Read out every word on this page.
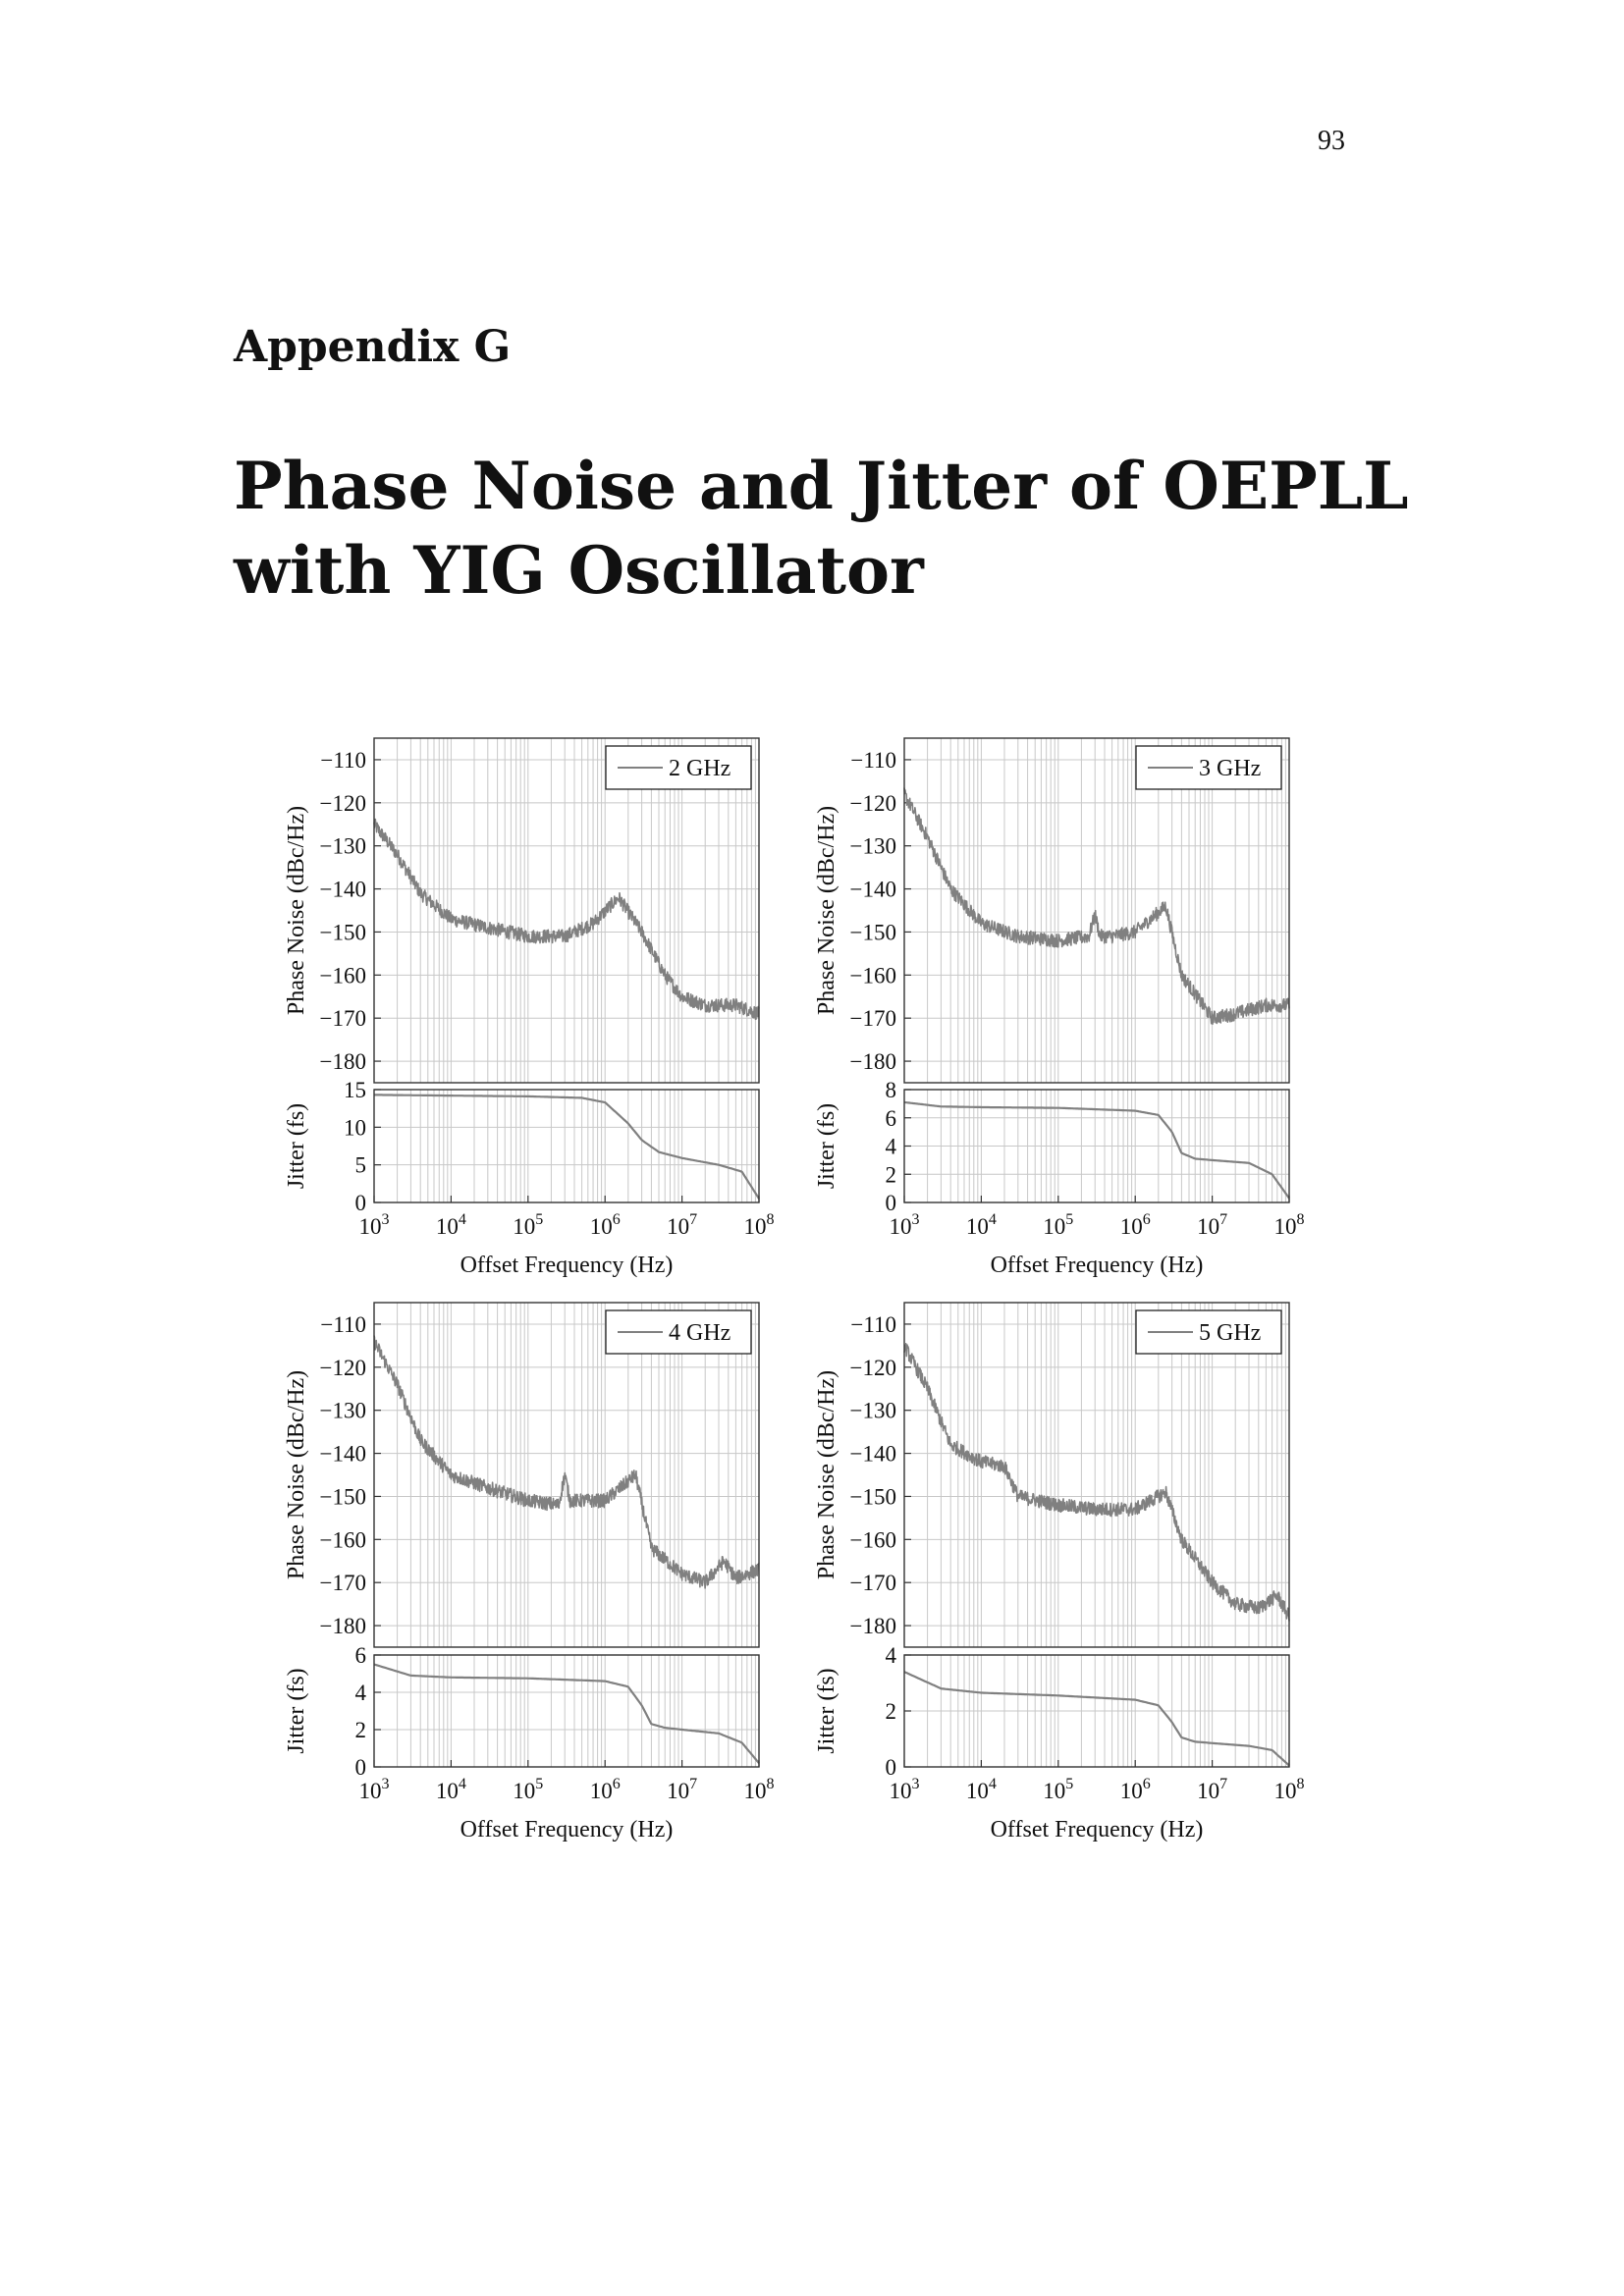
93
Appendix G
Phase Noise and Jitter of OEPLL
with YIG Oscillator
−110
−120
−130
−140
−150
−160
−170
−180
Phase Noise (dBc/Hz)
0
5
10
15
Jitter (fs)
$10^3$ $10^4$ $10^5$ $10^6$ $10^7$ $10^8$
Offset Frequency (Hz)
2 GHz	−110
−120
−130
−140
−150
−160
−170
−180
Phase Noise (dBc/Hz)
0
2
4
6
8
Jitter (fs)
$10^3$ $10^4$ $10^5$ $10^6$ $10^7$ $10^8$
Offset Frequency (Hz)
3 GHz
−110
−120
−130
−140
−150
−160
−170
−180
Phase Noise (dBc/Hz)
0
2
4
6
Jitter (fs)
$10^3$ $10^4$ $10^5$ $10^6$ $10^7$ $10^8$
Offset Frequency (Hz)
4 GHz	−110
−120
−130
−140
−150
−160
−170
−180
Phase Noise (dBc/Hz)
0
2
4
Jitter (fs)
$10^3$ $10^4$ $10^5$ $10^6$ $10^7$ $10^8$
Offset Frequency (Hz)
5 GHz
